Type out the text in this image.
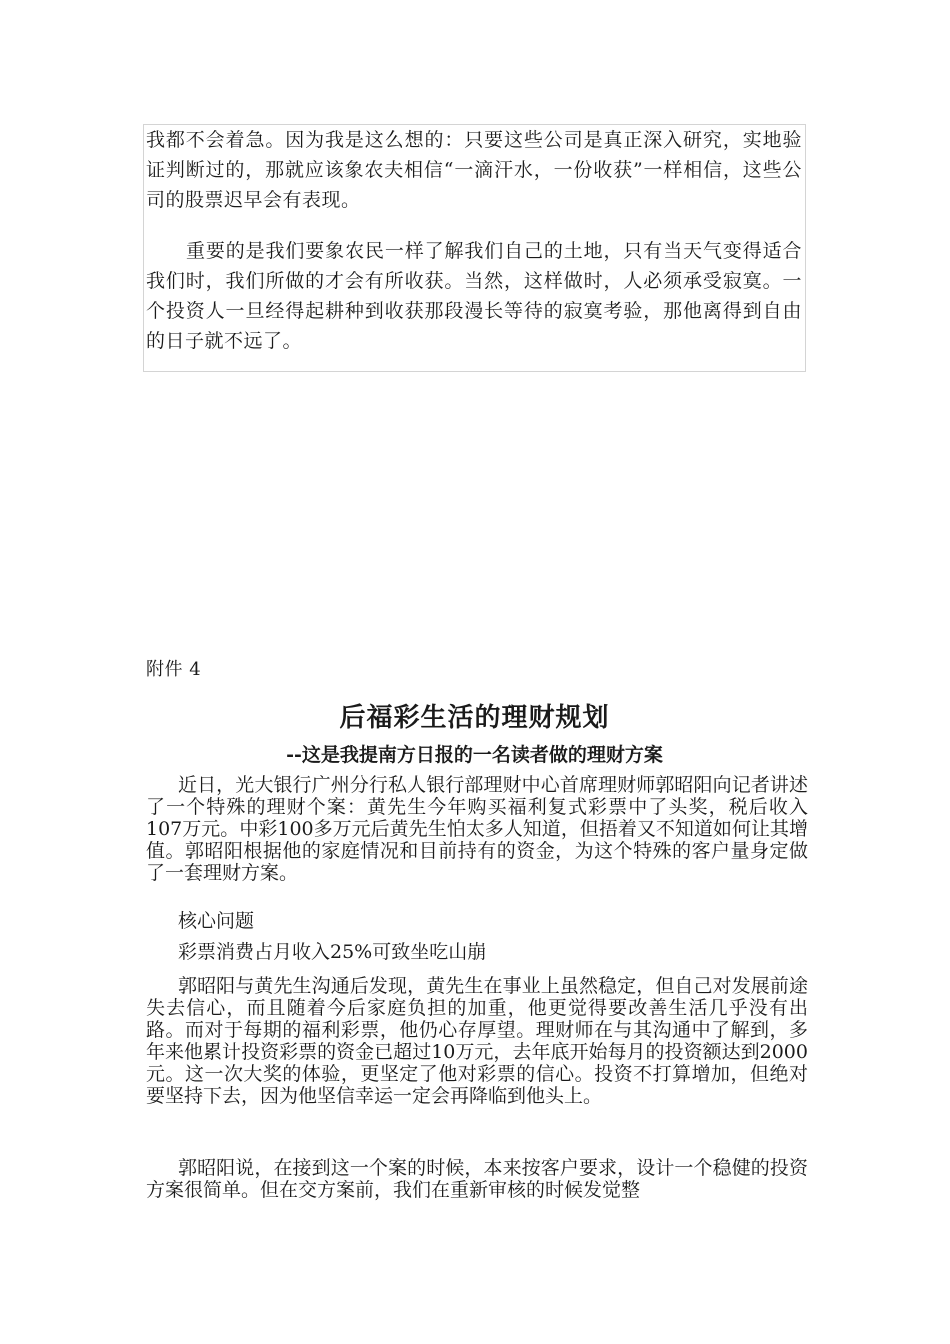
我都不会着急。因为我是这么想的：只要这些公司是真正深入研究，实地验证判断过的，那就应该象农夫相信“一滴汗水，一份收获”一样相信，这些公司的股票迟早会有表现。

重要的是我们要象农民一样了解我们自己的土地，只有当天气变得适合我们时，我们所做的才会有所收获。当然，这样做时，人必须承受寂寞。一个投资人一旦经得起耕种到收获那段漫长等待的寂寞考验，那他离得到自由的日子就不远了。

附件 4
后福彩生活的理财规划
--这是我提南方日报的一名读者做的理财方案

近日，光大银行广州分行私人银行部理财中心首席理财师郭昭阳向记者讲述了一个特殊的理财个案：黄先生今年购买福利复式彩票中了头奖，税后收入107万元。中彩100多万元后黄先生怕太多人知道，但捂着又不知道如何让其增值。郭昭阳根据他的家庭情况和目前持有的资金，为这个特殊的客户量身定做了一套理财方案。

核心问题

彩票消费占月收入25%可致坐吃山崩

郭昭阳与黄先生沟通后发现，黄先生在事业上虽然稳定，但自己对发展前途失去信心，而且随着今后家庭负担的加重，他更觉得要改善生活几乎没有出路。而对于每期的福利彩票，他仍心存厚望。理财师在与其沟通中了解到，多年来他累计投资彩票的资金已超过10万元，去年底开始每月的投资额达到2000元。这一次大奖的体验，更坚定了他对彩票的信心。投资不打算增加，但绝对要坚持下去，因为他坚信幸运一定会再降临到他头上。

郭昭阳说，在接到这一个案的时候，本来按客户要求，设计一个稳健的投资方案很简单。但在交方案前，我们在重新审核的时候发觉整
